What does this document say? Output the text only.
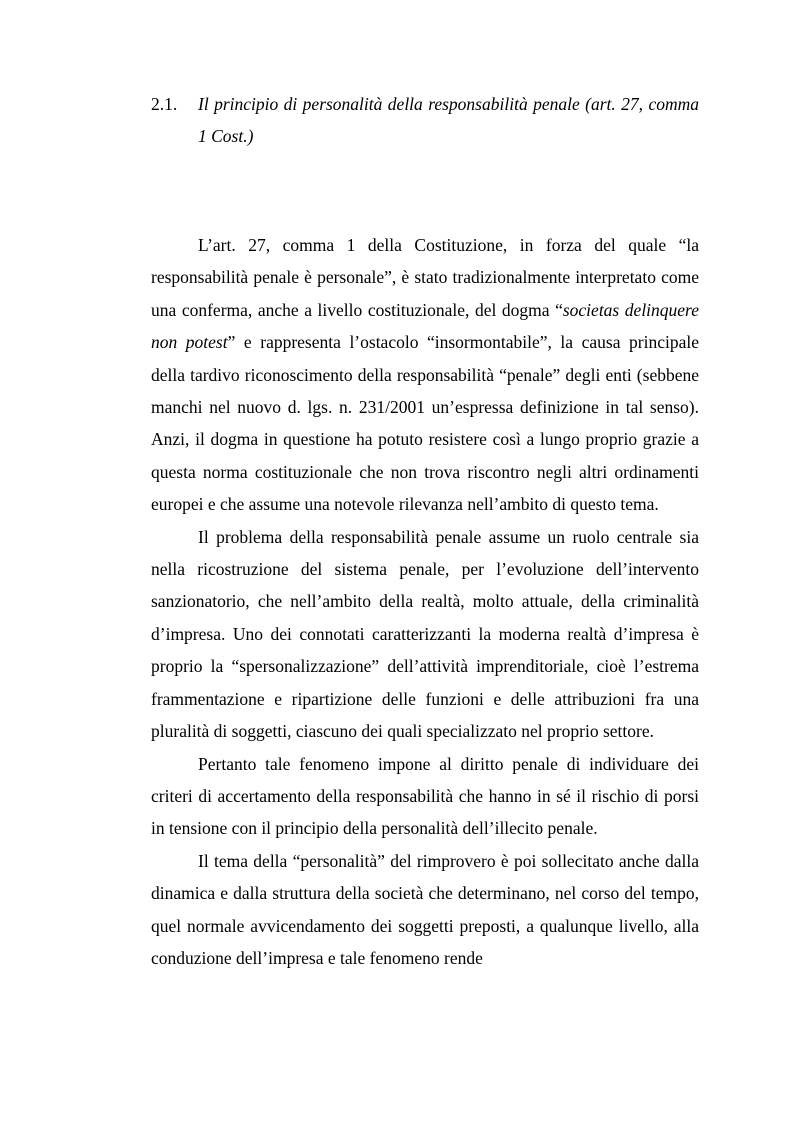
2.1.	Il principio di personalità della responsabilità penale (art. 27, comma 1 Cost.)

L’art. 27, comma 1 della Costituzione, in forza del quale “la responsabilità penale è personale”, è stato tradizionalmente interpretato come una conferma, anche a livello costituzionale, del dogma “societas delinquere non potest” e rappresenta l’ostacolo “insormontabile”, la causa principale della tardivo riconoscimento della responsabilità “penale” degli enti (sebbene manchi nel nuovo d. lgs. n. 231/2001 un’espressa definizione in tal senso). Anzi, il dogma in questione ha potuto resistere così a lungo proprio grazie a questa norma costituzionale che non trova riscontro negli altri ordinamenti europei e che assume una notevole rilevanza nell’ambito di questo tema.

Il problema della responsabilità penale assume un ruolo centrale sia nella ricostruzione del sistema penale, per l’evoluzione dell’intervento sanzionatorio, che nell’ambito della realtà, molto attuale, della criminalità d’impresa. Uno dei connotati caratterizzanti la moderna realtà d’impresa è proprio la “spersonalizzazione” dell’attività imprenditoriale, cioè l’estrema frammentazione e ripartizione delle funzioni e delle attribuzioni fra una pluralità di soggetti, ciascuno dei quali specializzato nel proprio settore.

Pertanto tale fenomeno impone al diritto penale di individuare dei criteri di accertamento della responsabilità che hanno in sé il rischio di porsi in tensione con il principio della personalità dell’illecito penale.

Il tema della “personalità” del rimprovero è poi sollecitato anche dalla dinamica e dalla struttura della società che determinano, nel corso del tempo, quel normale avvicendamento dei soggetti preposti, a qualunque livello, alla conduzione dell’impresa e tale fenomeno rende
